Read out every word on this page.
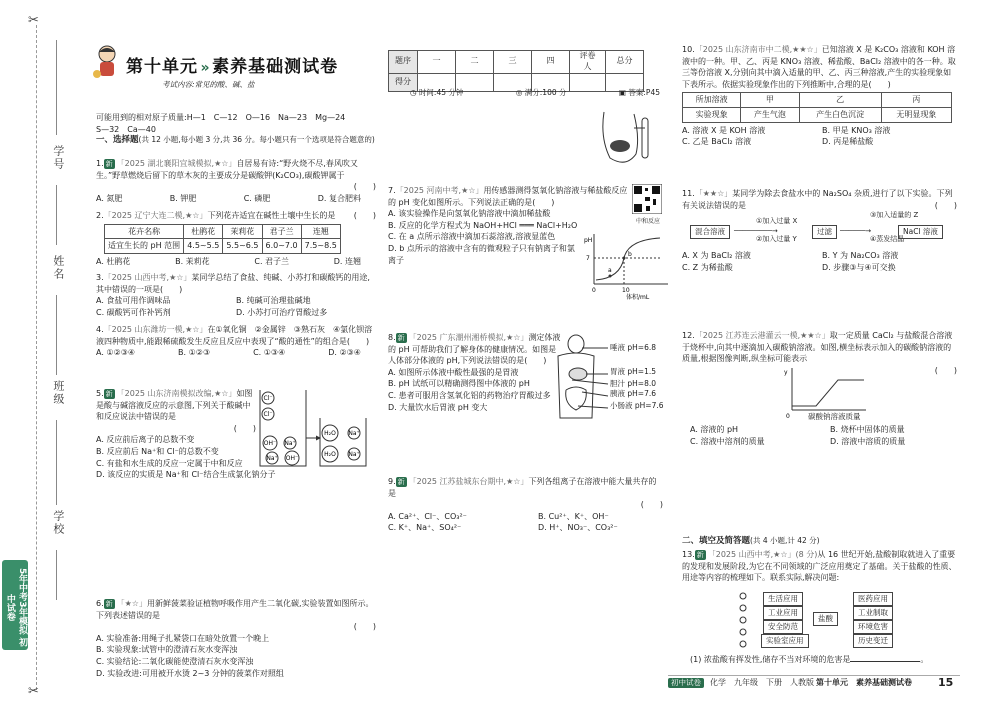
✂
✂
学号
姓名
班级
学校
5年中考3年模拟 初中试卷
第十单元 » 素养基础测试卷
考试内容:常见的酸、碱、盐
题序	一	二	三	四	评卷人	总分
得分						
◷ 时间:45 分钟	◎ 满分:100 分	▣ 答案:P45
可能用到的相对原子质量:H—1　C—12　O—16　Na—23　Mg—24
S—32　Ca—40
一、选择题(共 12 小题,每小题 3 分,共 36 分。每小题只有一个选项是符合题意的)
1. 新 「2025 湖北襄阳宜城模拟,★☆」自居易有诗:“野火烧不尽,春风吹又生。”野草燃烧后留下的草木灰的主要成分是碳酸钾(K₂CO₃),碳酸钾属于
(　　)
A. 氮肥	B. 钾肥	C. 磷肥	D. 复合肥料
2.「2025 辽宁大连二模,★☆」下列花卉适宜在碱性土壤中生长的是 (　　)
花卉名称	杜鹃花	茉莉花	君子兰	连翘
适宜生长的 pH 范围	4.5~5.5	5.5~6.5	6.0~7.0	7.5~8.5
A. 杜鹃花	B. 茉莉花	C. 君子兰	D. 连翘
3.「2025 山西中考,★☆」某同学总结了食盐、纯碱、小苏打和碳酸钙的用途,其中错误的一项是(　　)
A. 食盐可用作调味品	B. 纯碱可治理盐碱地
C. 碳酸钙可作补钙剂	D. 小苏打可治疗胃酸过多
4.「2025 山东潍坊一模,★☆」在①氧化铜　②金属锌　③熟石灰　④氯化钡溶液四种物质中,能跟稀硫酸发生反应且反应中表现了“酸的通性”的组合是(　　)
A. ①②③④	B. ①②③	C. ①③④	D. ②③④
5. 新 「2025 山东济南模拟改编,★☆」如图是酸与碱溶液反应的示意图,下列关于酸碱中和反应说法中错误的是
(　　)
A. 反应前后离子的总数不变
B. 反应前后 Na⁺和 Cl⁻的总数不变
C. 有盐和水生成的反应一定属于中和反应
D. 该反应的实质是 Na⁺和 Cl⁻结合生成氯化钠分子
Cl⁻
Cl⁻
OH⁻ Na⁺
Na⁺ OH⁻
H₂O Na⁺
H₂O Na⁺
6. 新 「★☆」用新鲜菠菜验证植物呼吸作用产生二氧化碳,实验装置如图所示。下列表述错误的是
(　　)
A. 实验准备:用绳子扎紧袋口在暗处放置一个晚上
B. 实验现象:试管中的澄清石灰水变浑浊
C. 实验结论:二氧化碳能使澄清石灰水变浑浊
D. 实验改进:可用被开水烫 2~3 分钟的菠菜作对照组
7.「2025 河南中考,★☆」用传感器测得氢氧化钠溶液与稀盐酸反应的 pH 变化如图所示。下列说法正确的是(　　)
A. 该实验操作是向氢氧化钠溶液中滴加稀盐酸
B. 反应的化学方程式为 NaOH+HCl ═══ NaCl+H₂O
C. 在 a 点所示溶液中滴加石蕊溶液,溶液显蓝色
D. b 点所示的溶液中含有的微观粒子只有钠离子和氯离子
中和反应
pH
7
a
b
0	10
体积/mL
8. 新 「2025 广东潮州湘桥模拟,★☆」测定体液的 pH 可帮助我们了解身体的健康情况。如图是人体部分体液的 pH,下列说法错误的是(　　)
A. 如图所示体液中酸性最强的是胃液
B. pH 试纸可以精确测得图中体液的 pH
C. 患者可服用含氢氧化铝的药物治疗胃酸过多
D. 大量饮水后胃液 pH 变大
唾液 pH=6.8
胃液 pH=1.5
胆汁 pH=8.0
胰液 pH=7.6
小肠液 pH=7.6
9. 新 「2025 江苏盐城东台期中,★☆」下列各组离子在溶液中能大量共存的是
(　　)
A. Ca²⁺、Cl⁻、CO₃²⁻	B. Cu²⁺、K⁺、OH⁻
C. K⁺、Na⁺、SO₄²⁻	D. H⁺、NO₃⁻、CO₃²⁻
10.「2025 山东济南市中二模,★★☆」已知溶液 X 是 K₂CO₃ 溶液和 KOH 溶液中的一种。甲、乙、丙是 KNO₃ 溶液、稀盐酸、BaCl₂ 溶液中的各一种。取三等份溶液 X,分别向其中滴入适量的甲、乙、丙三种溶液,产生的实验现象如下表所示。依据实验现象作出的下列推断中,合理的是(　　)
所加溶液	甲	乙	丙
实验现象	产生气泡	产生白色沉淀	无明显现象
A. 溶液 X 是 KOH 溶液	B. 甲是 KNO₃ 溶液
C. 乙是 BaCl₂ 溶液	D. 丙是稀盐酸
11.「★★☆」某同学为除去食盐水中的 Na₂SO₄ 杂质,进行了以下实验。下列有关说法错误的是	(　　)
混合溶液
①加入过量 X
─────────→
②加入过量 Y
过滤
③加入适量的 Z
──────→
④蒸发结晶
NaCl 溶液
A. X 为 BaCl₂ 溶液	B. Y 为 Na₂CO₃ 溶液
C. Z 为稀盐酸	D. 步骤③与④可交换
12.「2025 江苏连云港灌云一模,★★☆」取一定质量 CaCl₂ 与盐酸混合溶液于烧杯中,向其中逐滴加入碳酸钠溶液。如图,横坐标表示加入的碳酸钠溶液的质量,根据图像判断,纵坐标可能表示
(　　)
y
0 碳酸钠溶液质量
A. 溶液的 pH	B. 烧杯中固体的质量
C. 溶液中溶剂的质量	D. 溶液中溶质的质量
二、填空及简答题(共 4 小题,计 42 分)
13. 新 「2025 山西中考,★☆」(8 分)从 16 世纪开始,盐酸制取就进入了重要的发现和发展阶段,为它在不同领域的广泛应用奠定了基础。关于盐酸的性质、用途等内容的梳理如下。联系实际,解决问题:
生活应用
工业应用
安全防范
实验室应用
盐酸
医药应用
工业制取
环境危害
历史变迁
(1) 浓盐酸有挥发性,储存不当对环境的危害是	。
初中试卷	化学　九年级　下册　人教版 第十单元　素养基础测试卷 15
